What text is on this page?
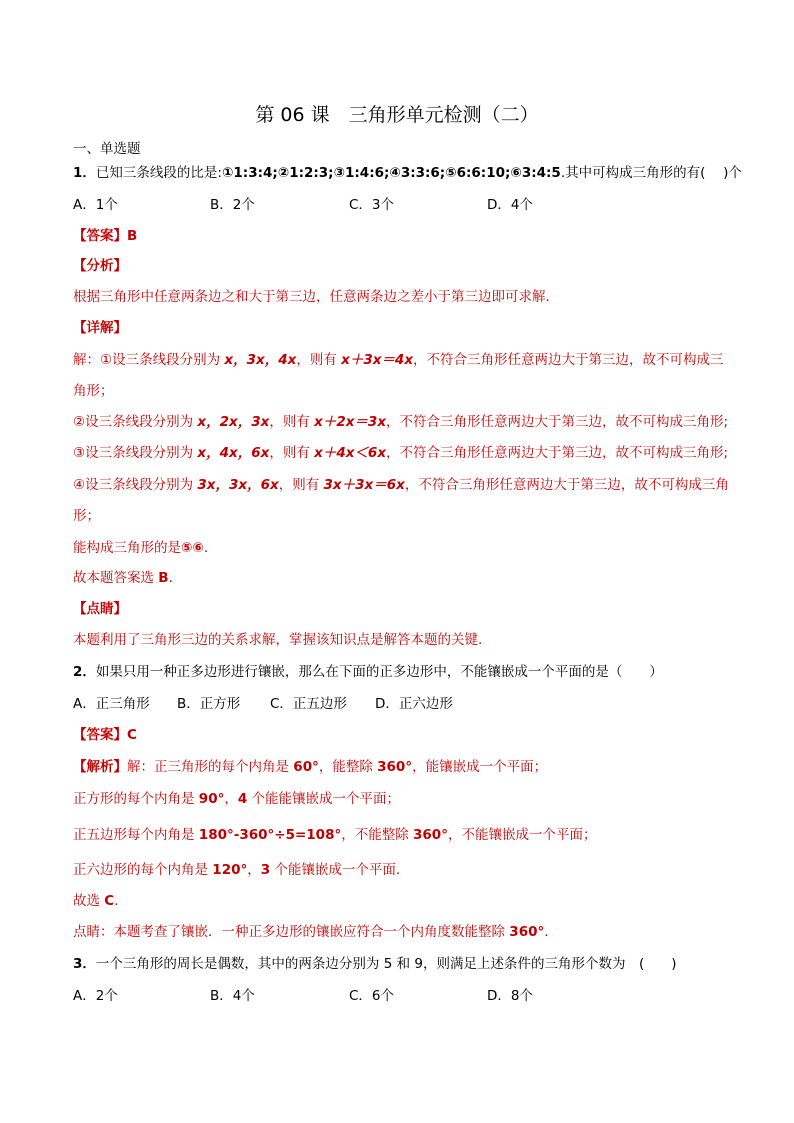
第 06 课　三角形单元检测（二）
一、单选题
1．已知三条线段的比是:①1:3:4;②1:2:3;③1:4:6;④3:3:6;⑤6:6:10;⑥3:4:5.其中可构成三角形的有(　 )个
A．1个	B．2个	C．3个	D．4个
【答案】B
【分析】
根据三角形中任意两条边之和大于第三边，任意两条边之差小于第三边即可求解.
【详解】
解：①设三条线段分别为 x，3x，4x，则有 x＋3x＝4x，不符合三角形任意两边大于第三边，故不可构成三
角形；
②设三条线段分别为 x，2x，3x，则有 x＋2x＝3x，不符合三角形任意两边大于第三边，故不可构成三角形;
③设三条线段分别为 x，4x，6x，则有 x＋4x＜6x，不符合三角形任意两边大于第三边，故不可构成三角形;
④设三条线段分别为 3x，3x，6x，则有 3x＋3x＝6x，不符合三角形任意两边大于第三边，故不可构成三角
形；
能构成三角形的是⑤⑥.
故本题答案选 B.
【点睛】
本题利用了三角形三边的关系求解，掌握该知识点是解答本题的关键.
2．如果只用一种正多边形进行镶嵌，那么在下面的正多边形中，不能镶嵌成一个平面的是（　　）
A．正三角形 B．正方形 C．正五边形 D．正六边形
【答案】C
【解析】解：正三角形的每个内角是 60°，能整除 360°，能镶嵌成一个平面；
正方形的每个内角是 90°，4 个能能镶嵌成一个平面；
正五边形每个内角是 180°-360°÷5=108°，不能整除 360°，不能镶嵌成一个平面；
正六边形的每个内角是 120°，3 个能镶嵌成一个平面.
故选 C.
点睛：本题考查了镶嵌．一种正多边形的镶嵌应符合一个内角度数能整除 360°.
3．一个三角形的周长是偶数，其中的两条边分别为 5 和 9，则满足上述条件的三角形个数为　(　　)
A．2个	B．4个	C．6个	D．8个
